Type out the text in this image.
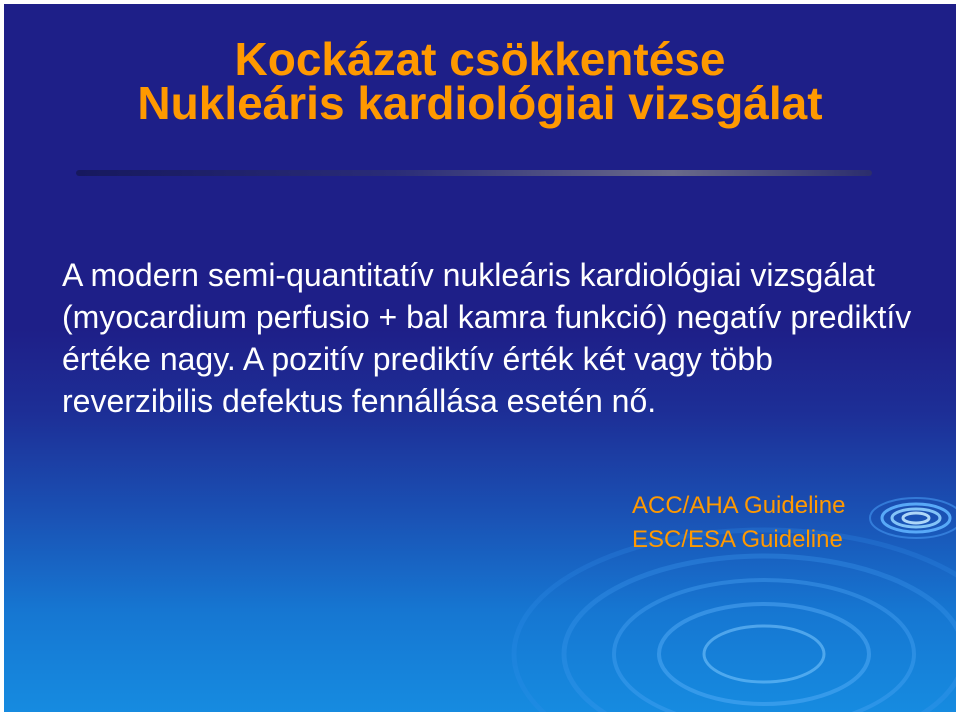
Kockázat csökkentése
Nukleáris kardiológiai vizsgálat

A modern semi-quantitatív nukleáris kardiológiai vizsgálat (myocardium perfusio + bal kamra funkció) negatív prediktív értéke nagy. A pozitív prediktív érték két vagy több reverzibilis defektus fennállása esetén nő.

ACC/AHA Guideline

ESC/ESA Guideline
